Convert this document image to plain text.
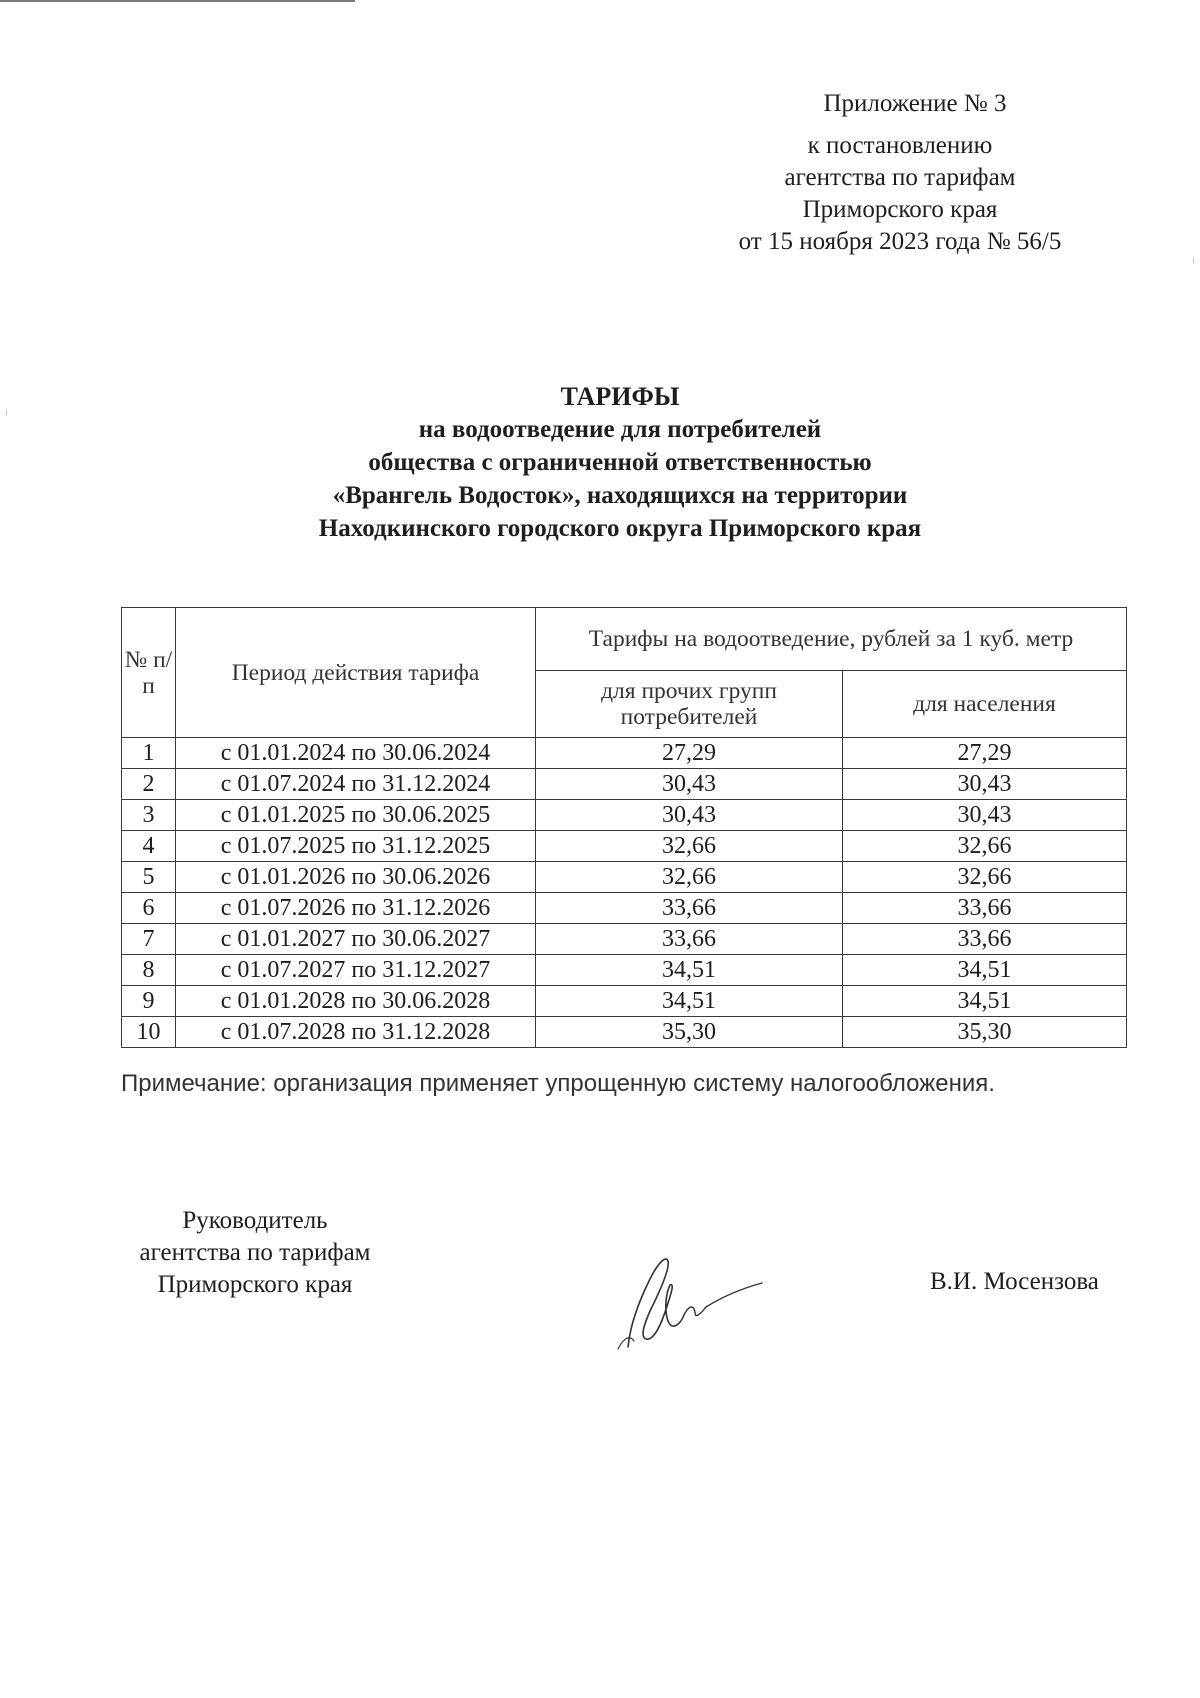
Приложение № 3
к постановлению
агентства по тарифам
Приморского края
от 15 ноября 2023 года № 56/5
ТАРИФЫ
на водоотведение для потребителей
общества с ограниченной ответственностью
«Врангель Водосток», находящихся на территории
Находкинского городского округа Приморского края
№ п/п	Период действия тарифа	Тарифы на водоотведение, рублей за 1 куб. метр	
		для прочих групп потребителей	для населения
1	с 01.01.2024 по 30.06.2024	27,29	27,29
2	с 01.07.2024 по 31.12.2024	30,43	30,43
3	с 01.01.2025 по 30.06.2025	30,43	30,43
4	с 01.07.2025 по 31.12.2025	32,66	32,66
5	с 01.01.2026 по 30.06.2026	32,66	32,66
6	с 01.07.2026 по 31.12.2026	33,66	33,66
7	с 01.01.2027 по 30.06.2027	33,66	33,66
8	с 01.07.2027 по 31.12.2027	34,51	34,51
9	с 01.01.2028 по 30.06.2028	34,51	34,51
10	с 01.07.2028 по 31.12.2028	35,30	35,30
Примечание: организация применяет упрощенную систему налогообложения.
Руководитель
агентства по тарифам
Приморского края	В.И. Мосензова
